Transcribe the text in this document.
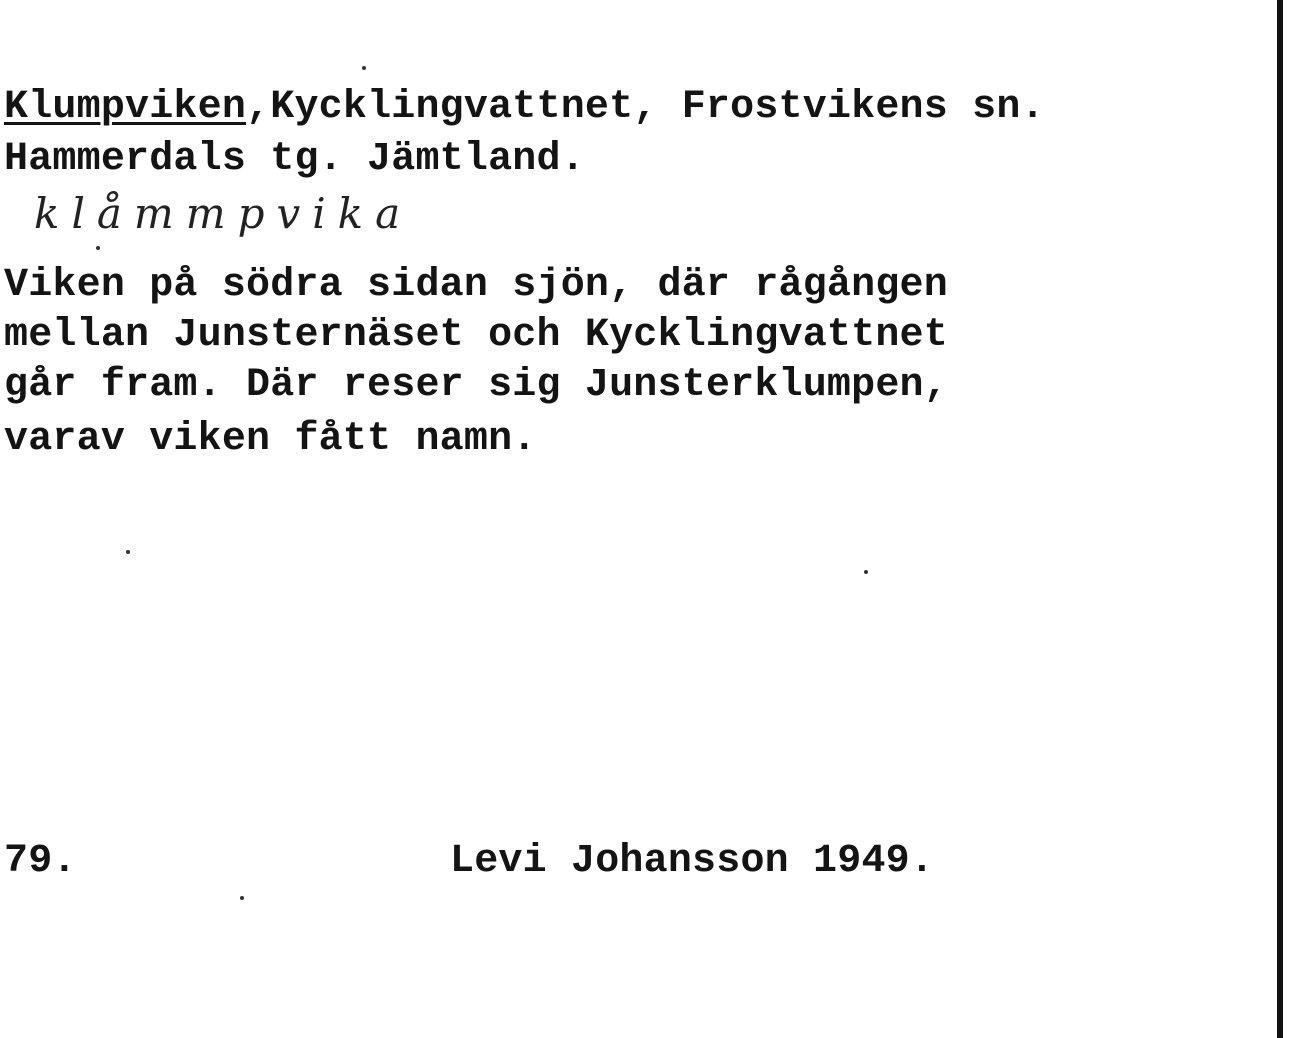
Klumpviken,Kycklingvattnet, Frostvikens sn.
Hammerdals tg. Jämtland.
klåmmpvika
Viken på södra sidan sjön, där rågången
mellan Junsternäset och Kycklingvattnet
går fram. Där reser sig Junsterklumpen,
varav viken fått namn.
79.	Levi Johansson 1949.
